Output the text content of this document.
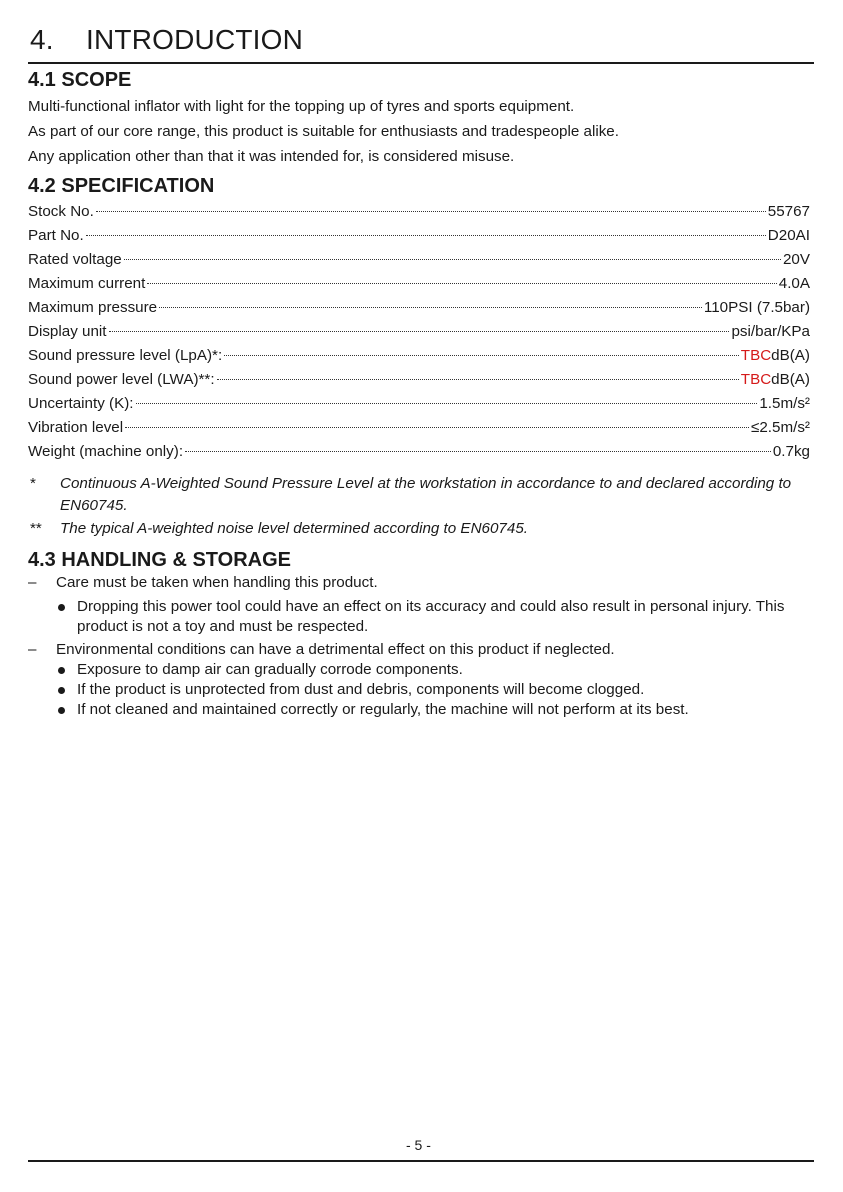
4. INTRODUCTION
4.1 SCOPE
Multi-functional inflator with light for the topping up of tyres and sports equipment.
As part of our core range, this product is suitable for enthusiasts and tradespeople alike.
Any application other than that it was intended for, is considered misuse.
4.2 SPECIFICATION
Stock No.	55767
Part No.	D20AI
Rated voltage	20V
Maximum current	4.0A
Maximum pressure	110PSI (7.5bar)
Display unit	psi/bar/KPa
Sound pressure level (LpA)*:	TBC dB(A)
Sound power level (LWA)**:	TBC dB(A)
Uncertainty (K):	1.5m/s²
Vibration level	≤2.5m/s²
Weight (machine only):	0.7kg
* Continuous A-Weighted Sound Pressure Level at the workstation in accordance to and declared according to EN60745.
** The typical A-weighted noise level determined according to EN60745.
4.3 HANDLING & STORAGE
– Care must be taken when handling this product.
Dropping this power tool could have an effect on its accuracy and could also result in personal injury. This product is not a toy and must be respected.
– Environmental conditions can have a detrimental effect on this product if neglected.
Exposure to damp air can gradually corrode components.
If the product is unprotected from dust and debris, components will become clogged.
If not cleaned and maintained correctly or regularly, the machine will not perform at its best.
- 5 -
